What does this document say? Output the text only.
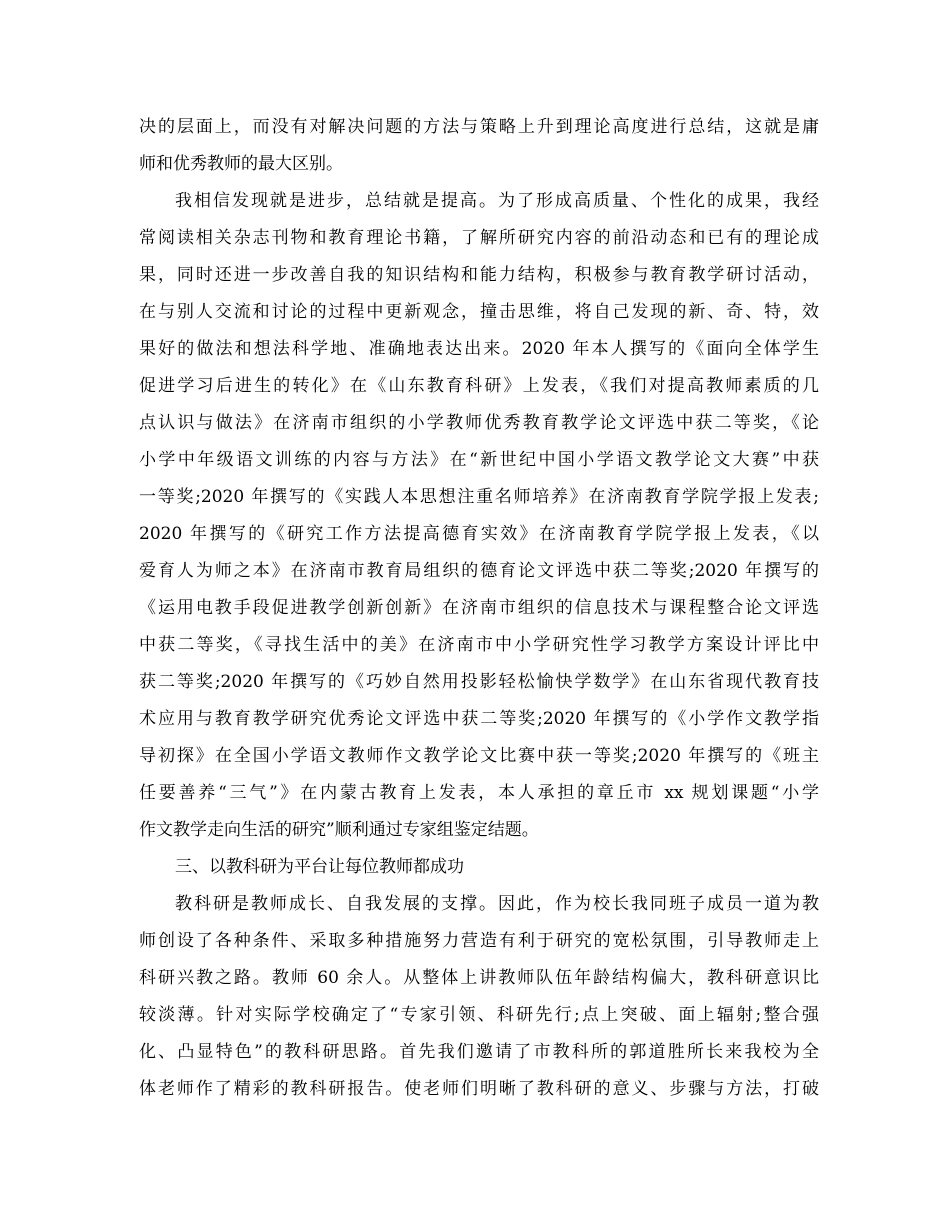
决的层面上，而没有对解决问题的方法与策略上升到理论高度进行总结，这就是庸
师和优秀教师的最大区别。
我相信发现就是进步，总结就是提高。为了形成高质量、个性化的成果，我经
常阅读相关杂志刊物和教育理论书籍，了解所研究内容的前沿动态和已有的理论成
果，同时还进一步改善自我的知识结构和能力结构，积极参与教育教学研讨活动，
在与别人交流和讨论的过程中更新观念，撞击思维，将自己发现的新、奇、特，效
果好的做法和想法科学地、准确地表达出来。2020 年本人撰写的《面向全体学生
促进学习后进生的转化》在《山东教育科研》上发表，《我们对提高教师素质的几
点认识与做法》在济南市组织的小学教师优秀教育教学论文评选中获二等奖，《论
小学中年级语文训练的内容与方法》在“新世纪中国小学语文教学论文大赛”中获
一等奖;2020 年撰写的《实践人本思想注重名师培养》在济南教育学院学报上发表;
2020 年撰写的《研究工作方法提高德育实效》在济南教育学院学报上发表，《以
爱育人为师之本》在济南市教育局组织的德育论文评选中获二等奖;2020 年撰写的
《运用电教手段促进教学创新创新》在济南市组织的信息技术与课程整合论文评选
中获二等奖，《寻找生活中的美》在济南市中小学研究性学习教学方案设计评比中
获二等奖;2020 年撰写的《巧妙自然用投影轻松愉快学数学》在山东省现代教育技
术应用与教育教学研究优秀论文评选中获二等奖;2020 年撰写的《小学作文教学指
导初探》在全国小学语文教师作文教学论文比赛中获一等奖;2020 年撰写的《班主
任要善养“三气”》在内蒙古教育上发表，本人承担的章丘市 xx 规划课题“小学
作文教学走向生活的研究”顺利通过专家组鉴定结题。
三、以教科研为平台让每位教师都成功
教科研是教师成长、自我发展的支撑。因此，作为校长我同班子成员一道为教
师创设了各种条件、采取多种措施努力营造有利于研究的宽松氛围，引导教师走上
科研兴教之路。教师 60 余人。从整体上讲教师队伍年龄结构偏大，教科研意识比
较淡薄。针对实际学校确定了“专家引领、科研先行;点上突破、面上辐射;整合强
化、凸显特色”的教科研思路。首先我们邀请了市教科所的郭道胜所长来我校为全
体老师作了精彩的教科研报告。使老师们明晰了教科研的意义、步骤与方法，打破
